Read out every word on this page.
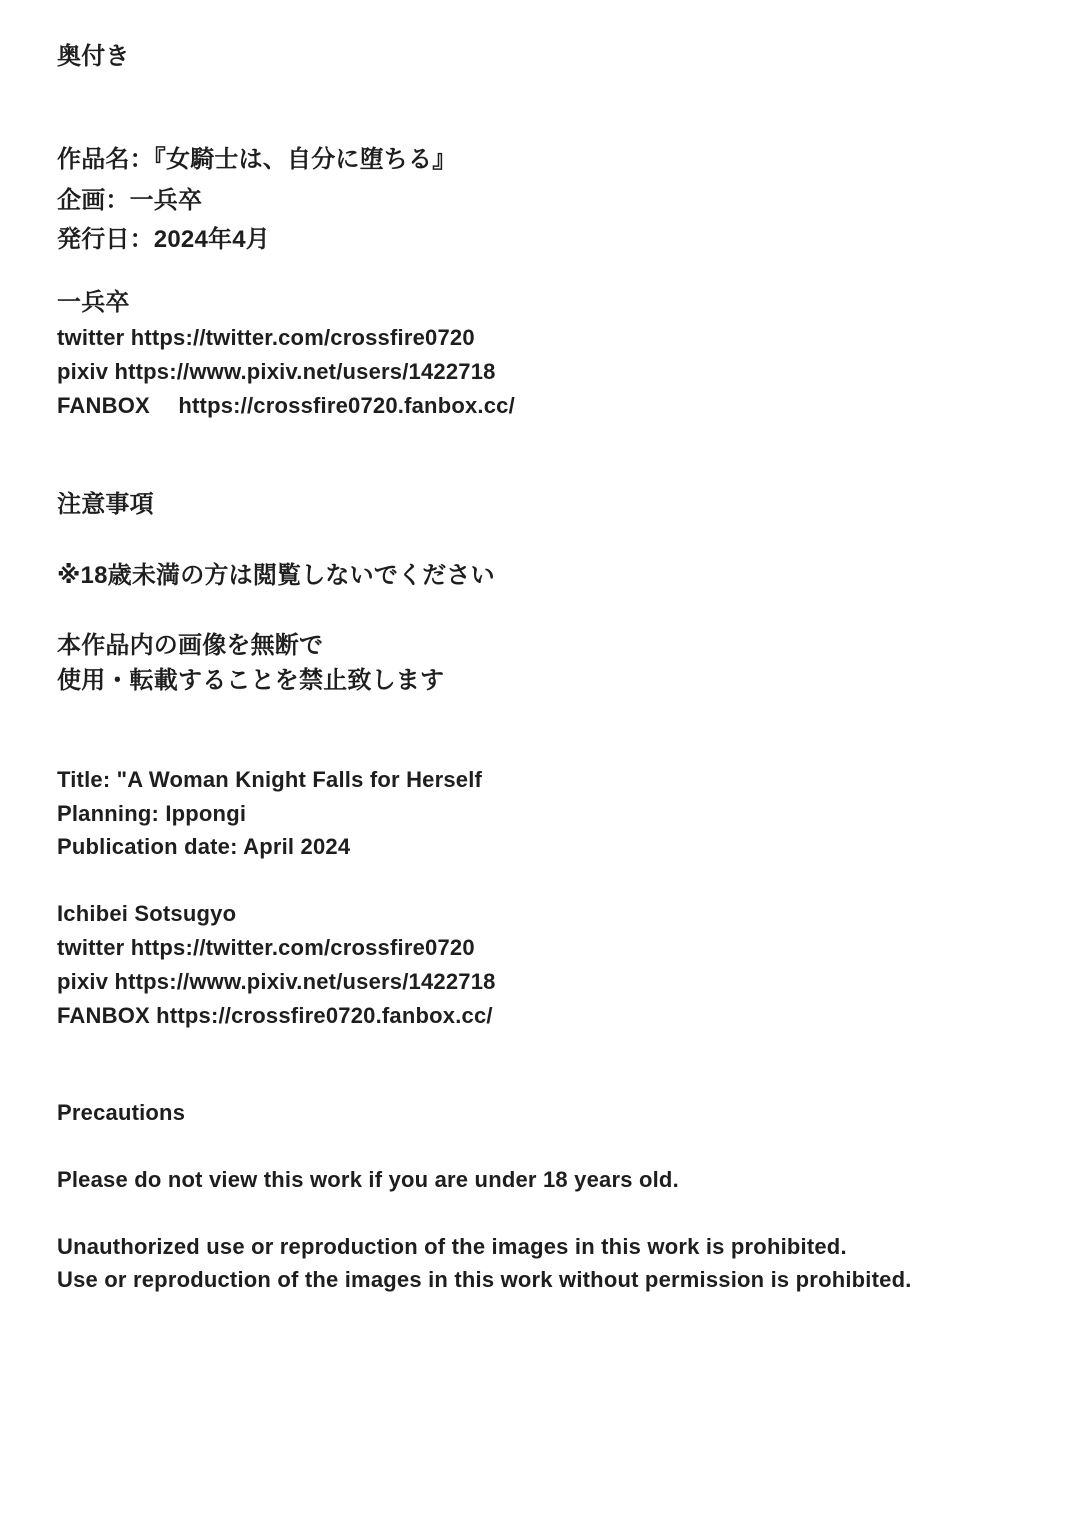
奥付き
作品名：『女騎士は、自分に堕ちる』
企画：一兵卒
発行日：2024年4月
一兵卒
twitter https://twitter.com/crossfire0720
pixiv https://www.pixiv.net/users/1422718
FANBOX　 https://crossfire0720.fanbox.cc/
注意事項
※18歳未満の方は閲覧しないでください
本作品内の画像を無断で
使用・転載することを禁止致します
Title: "A Woman Knight Falls for Herself
Planning: Ippongi
Publication date: April 2024
Ichibei Sotsugyo
twitter https://twitter.com/crossfire0720
pixiv https://www.pixiv.net/users/1422718
FANBOX https://crossfire0720.fanbox.cc/
Precautions
Please do not view this work if you are under 18 years old.
Unauthorized use or reproduction of the images in this work is prohibited.
Use or reproduction of the images in this work without permission is prohibited.
